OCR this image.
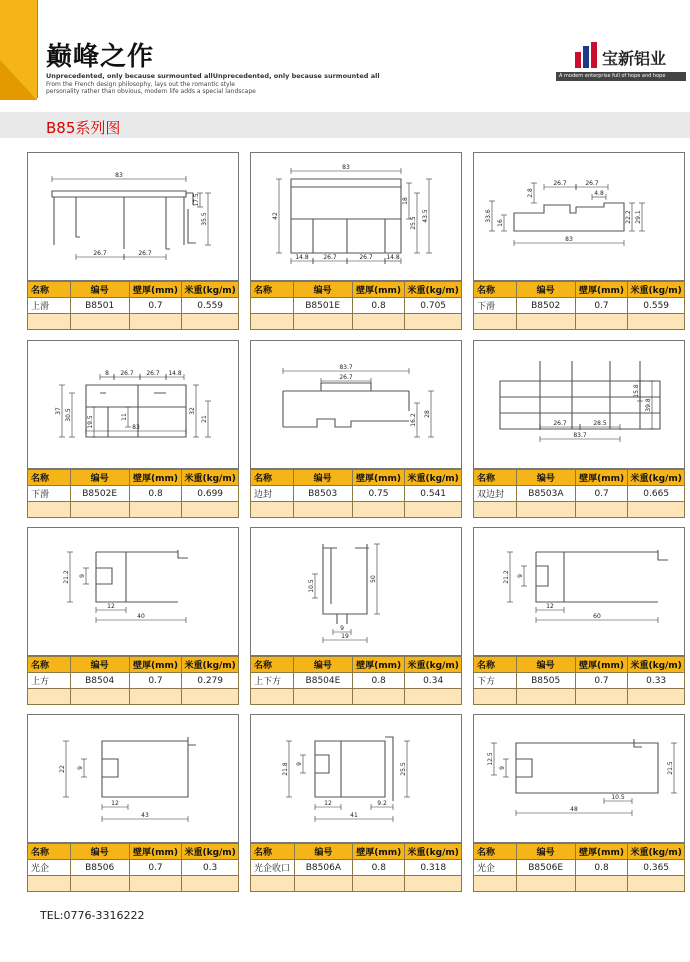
巅峰之作
Unprecedented, only because surmounted allUnprecedented, only because surmounted all
From the French design philosophy, lays out the romantic style
personality rather than obvious, modern life adds a special landscape
宝新铝业
A modern enterprise full of hope and hope
B85系列图
83
17.5
35.5
26.7	26.7
名称	编号	壁厚(mm)	米重(kg/m)
上滑	B8501	0.7	0.559

83
42
18
25.5
43.5
14.8 26.7	26.7 14.8
名称	编号	壁厚(mm)	米重(kg/m)
	B8501E	0.8	0.705

26.7	26.7
2.8	4.8
33.6
16	22.2 29.1
83
名称	编号	壁厚(mm)	米重(kg/m)
下滑	B8502	0.7	0.559

8 26.7 26.7 14.8
37 30.5
19.5	11
32
21
83
名称	编号	壁厚(mm)	米重(kg/m)
下滑	B8502E	0.8	0.699

83.7
26.7
16.2 28
名称	编号	壁厚(mm)	米重(kg/m)
边封	B8503	0.75	0.541

15.8
39.8
26.7	28.5
83.7
名称	编号	壁厚(mm)	米重(kg/m)
双边封	B8503A	0.7	0.665

21.2 9
12
40
名称	编号	壁厚(mm)	米重(kg/m)
上方	B8504	0.7	0.279

10.5
50
9
19
名称	编号	壁厚(mm)	米重(kg/m)
上下方	B8504E	0.8	0.34

21.2 9
12
60
名称	编号	壁厚(mm)	米重(kg/m)
下方	B8505	0.7	0.33

22 9
12
43
名称	编号	壁厚(mm)	米重(kg/m)
光企	B8506	0.7	0.3

21.8 9	25.5
12	9.2
41
名称	编号	壁厚(mm)	米重(kg/m)
光企收口	B8506A	0.8	0.318

12.5
9	21.5
10.5
48
名称	编号	壁厚(mm)	米重(kg/m)
光企	B8506E	0.8	0.365

TEL:0776-3316222
